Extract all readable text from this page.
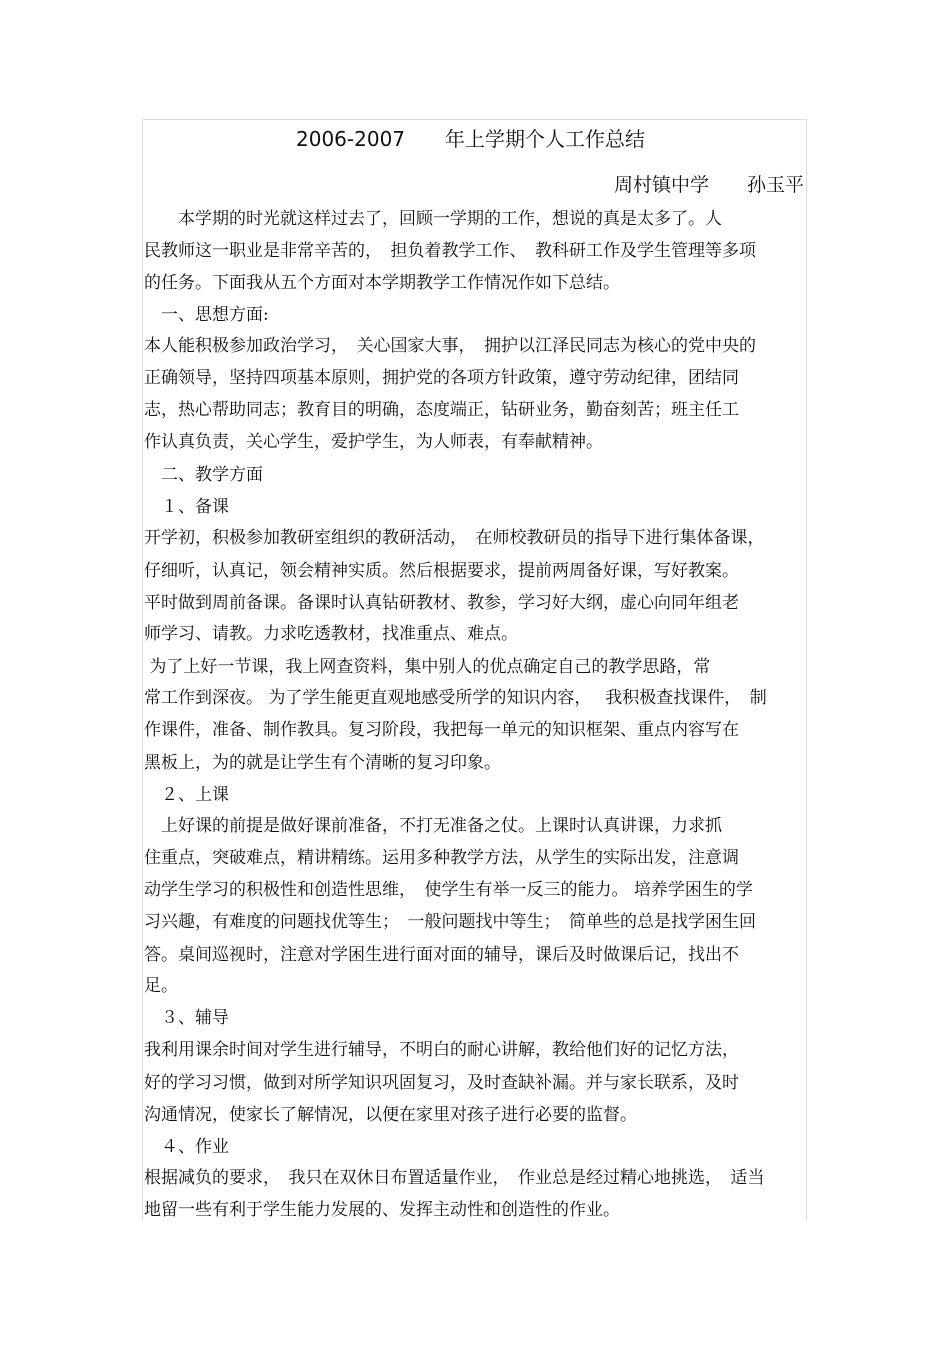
2006-2007　　年上学期个人工作总结
周村镇中学　　孙玉平
　　本学期的时光就这样过去了，回顾一学期的工作，想说的真是太多了。人
民教师这一职业是非常辛苦的，　担负着教学工作、　教科研工作及学生管理等多项
的任务。下面我从五个方面对本学期教学工作情况作如下总结。
　一、思想方面:
本人能积极参加政治学习，　关心国家大事，　拥护以江泽民同志为核心的党中央的
正确领导，坚持四项基本原则，拥护党的各项方针政策，遵守劳动纪律，团结同
志，热心帮助同志；教育目的明确，态度端正，钻研业务，勤奋刻苦；班主任工
作认真负责，关心学生，爱护学生，为人师表，有奉献精神。
　二、教学方面
　１、备课
开学初，积极参加教研室组织的教研活动，　在师校教研员的指导下进行集体备课，
仔细听，认真记，领会精神实质。然后根据要求，提前两周备好课，写好教案。
平时做到周前备课。备课时认真钻研教材、教参，学习好大纲，虚心向同年组老
师学习、请教。力求吃透教材，找准重点、难点。
为了上好一节课，我上网查资料，集中别人的优点确定自己的教学思路，常
常工作到深夜。 为了学生能更直观地感受所学的知识内容，　 我积极查找课件，　制
作课件，准备、制作教具。复习阶段，我把每一单元的知识框架、重点内容写在
黑板上，为的就是让学生有个清晰的复习印象。
　２、上课
　上好课的前提是做好课前准备，不打无准备之仗。上课时认真讲课，力求抓
住重点，突破难点，精讲精练。运用多种教学方法，从学生的实际出发，注意调
动学生学习的积极性和创造性思维，　使学生有举一反三的能力。 培养学困生的学
习兴趣，有难度的问题找优等生；　一般问题找中等生；　简单些的总是找学困生回
答。桌间巡视时，注意对学困生进行面对面的辅导，课后及时做课后记，找出不
足。
　３、辅导
我利用课余时间对学生进行辅导，不明白的耐心讲解，教给他们好的记忆方法，
好的学习习惯，做到对所学知识巩固复习，及时查缺补漏。并与家长联系，及时
沟通情况，使家长了解情况，以便在家里对孩子进行必要的监督。
　４、作业
根据减负的要求，　我只在双休日布置适量作业，　作业总是经过精心地挑选，　适当
地留一些有利于学生能力发展的、发挥主动性和创造性的作业。
